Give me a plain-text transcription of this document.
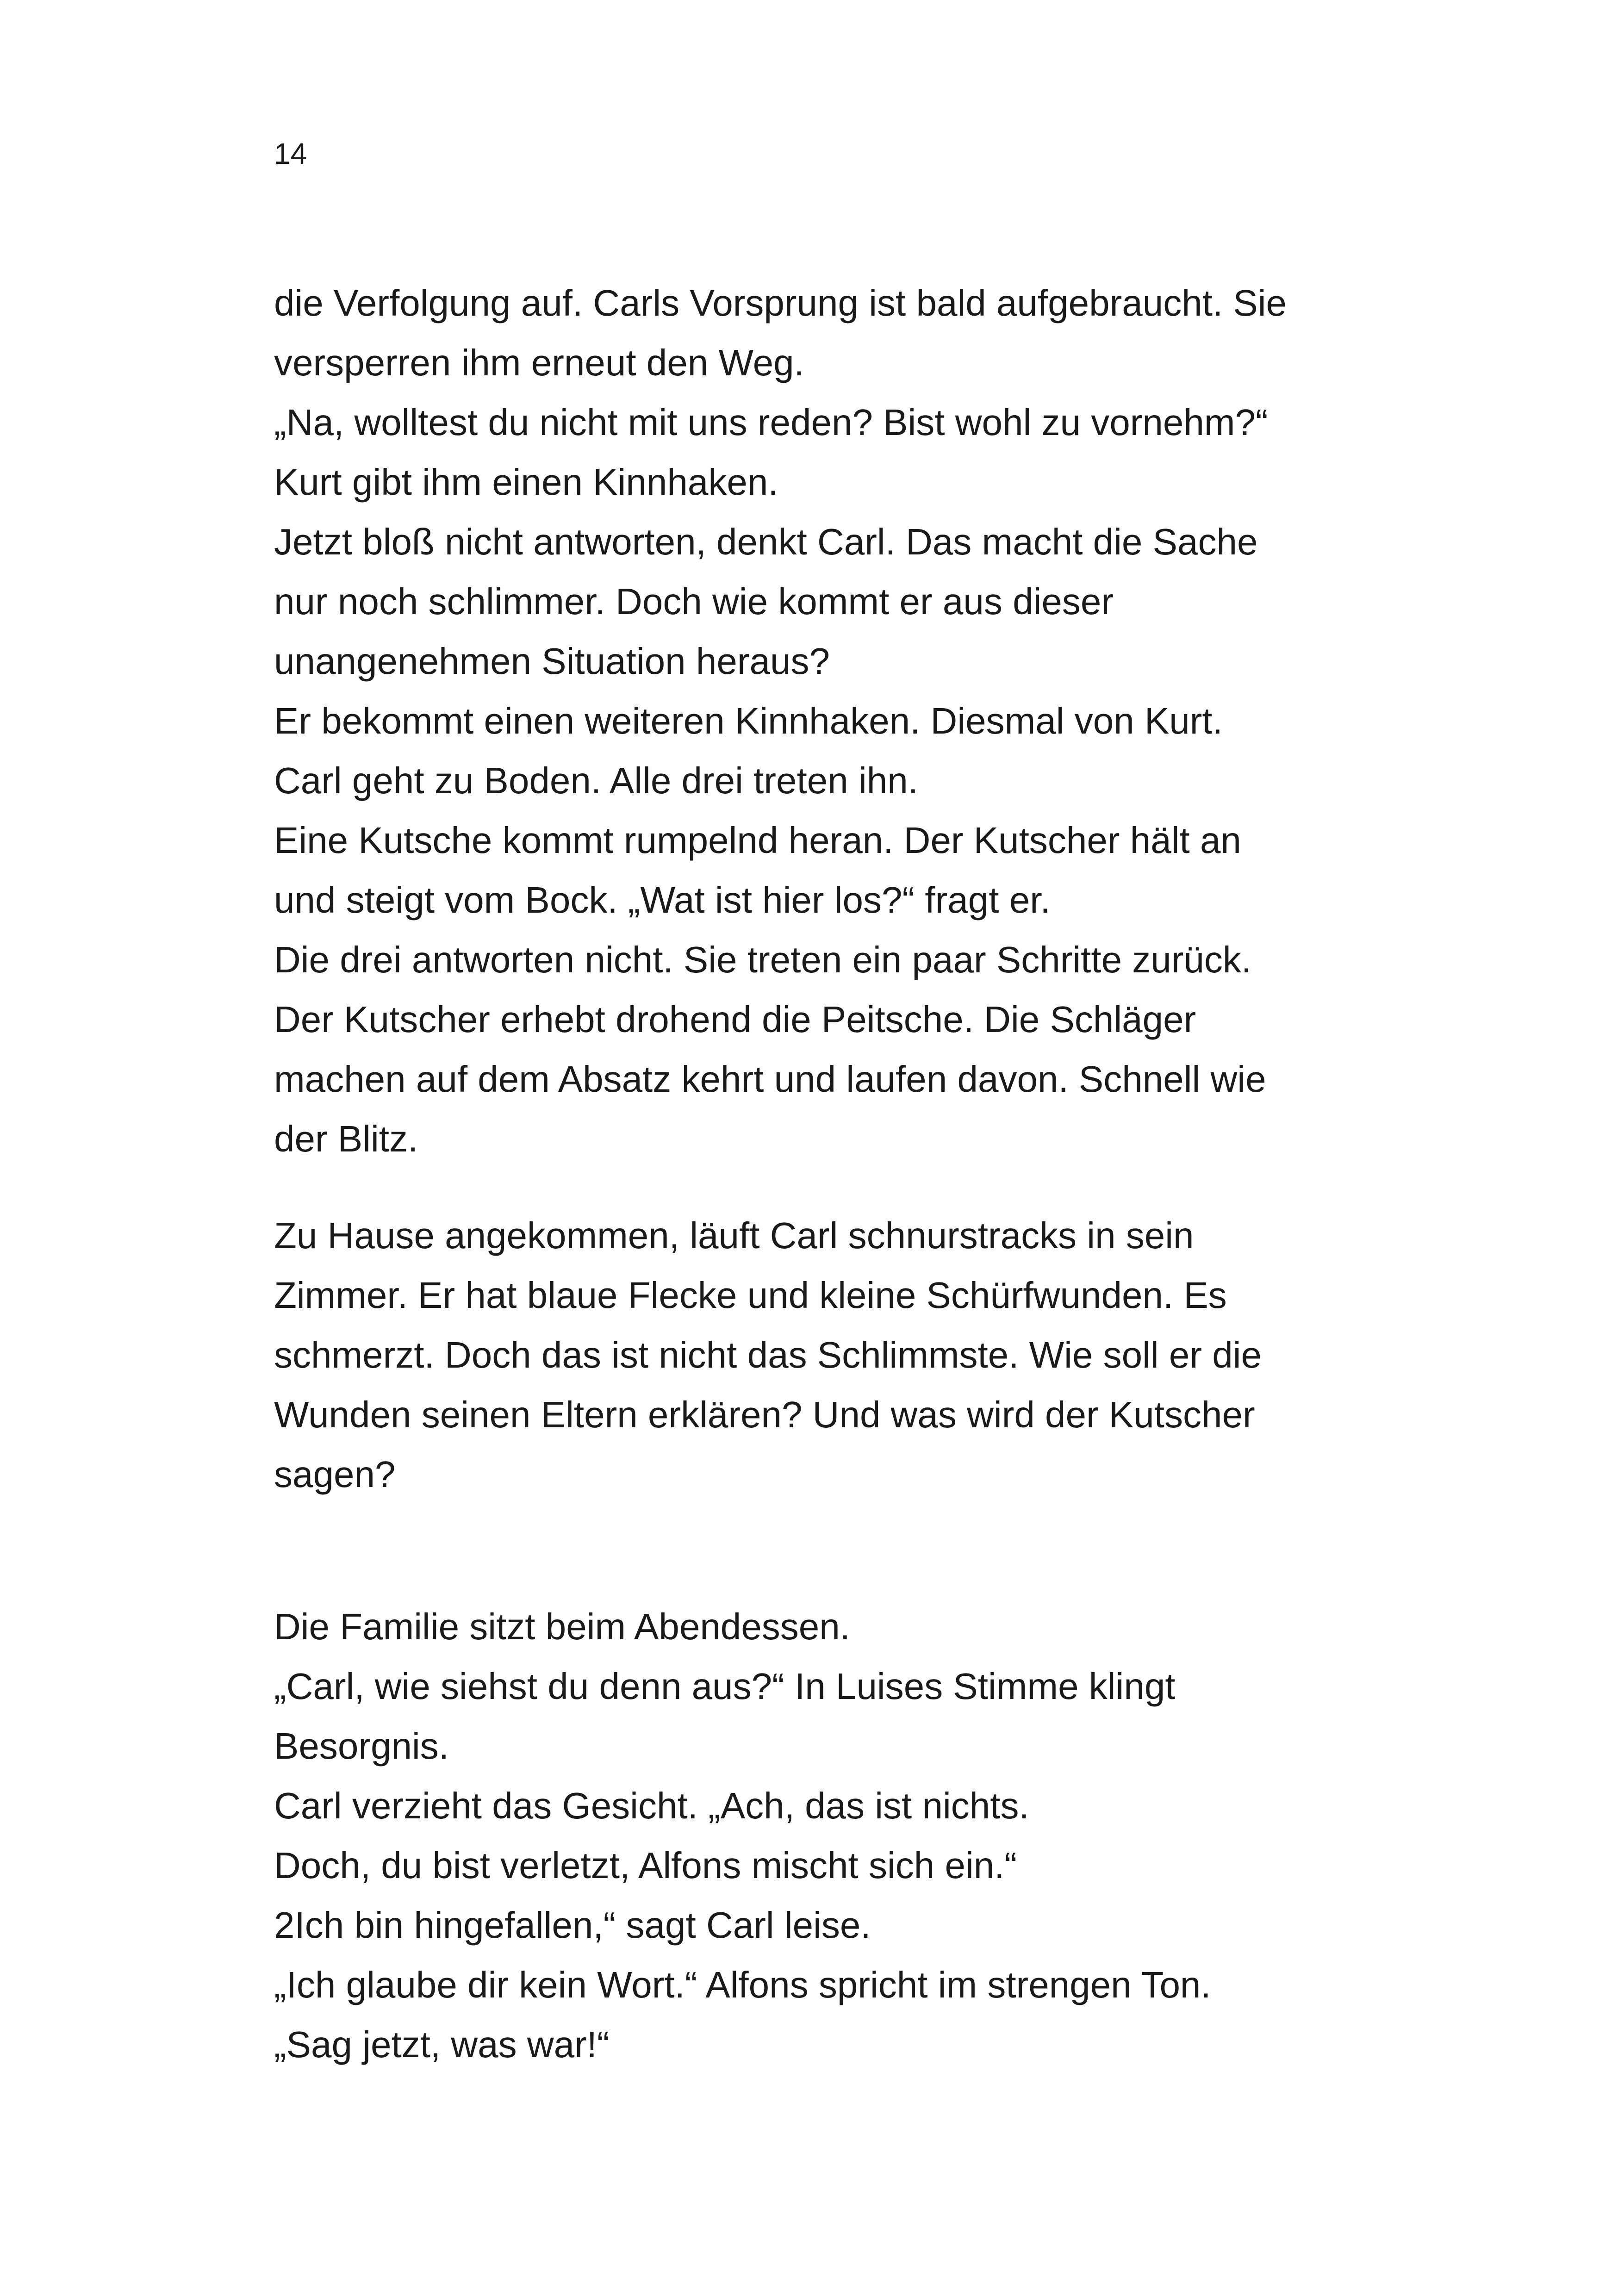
14
die Verfolgung auf. Carls Vorsprung ist bald aufgebraucht. Sie
versperren ihm erneut den Weg.
„Na, wolltest du nicht mit uns reden? Bist wohl zu vornehm?“
Kurt gibt ihm einen Kinnhaken.
Jetzt bloß nicht antworten, denkt Carl. Das macht die Sache
nur noch schlimmer. Doch wie kommt er aus dieser
unangenehmen Situation heraus?
Er bekommt einen weiteren Kinnhaken. Diesmal von Kurt.
Carl geht zu Boden. Alle drei treten ihn.
Eine Kutsche kommt rumpelnd heran. Der Kutscher hält an
und steigt vom Bock. „Wat ist hier los?“ fragt er.
Die drei antworten nicht. Sie treten ein paar Schritte zurück.
Der Kutscher erhebt drohend die Peitsche. Die Schläger
machen auf dem Absatz kehrt und laufen davon. Schnell wie
der Blitz.
Zu Hause angekommen, läuft Carl schnurstracks in sein
Zimmer. Er hat blaue Flecke und kleine Schürfwunden. Es
schmerzt. Doch das ist nicht das Schlimmste. Wie soll er die
Wunden seinen Eltern erklären? Und was wird der Kutscher
sagen?
Die Familie sitzt beim Abendessen.
„Carl, wie siehst du denn aus?“ In Luises Stimme klingt
Besorgnis.
Carl verzieht das Gesicht. „Ach, das ist nichts.
Doch, du bist verletzt, Alfons mischt sich ein.“
2Ich bin hingefallen,“ sagt Carl leise.
„Ich glaube dir kein Wort.“ Alfons spricht im strengen Ton.
„Sag jetzt, was war!“
